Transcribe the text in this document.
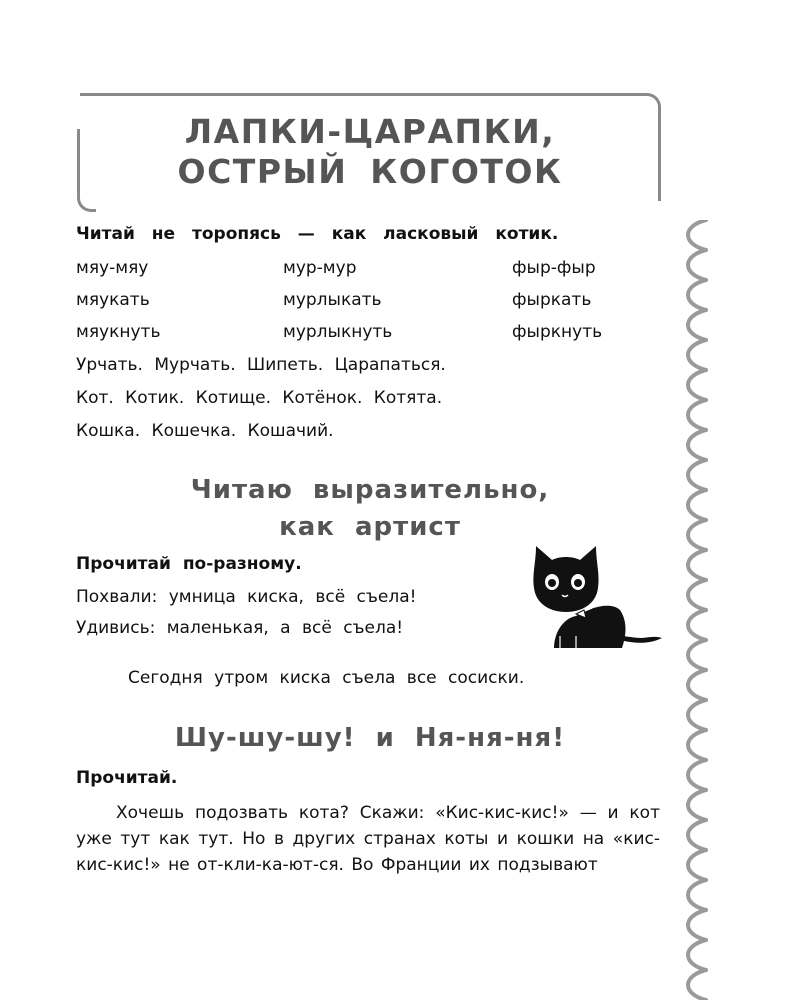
ЛАПКИ-ЦАРАПКИ,
ОСТРЫЙ КОГОТОК

Читай не торопясь — как ласковый котик.

мяу-мяу	мур-мур	фыр-фыр
мяукать	мурлыкать	фыркать
мяукнуть	мурлыкнуть	фыркнуть

Урчать. Мурчать. Шипеть. Царапаться.

Кот. Котик. Котище. Котёнок. Котята.

Кошка. Кошечка. Кошачий.

Читаю выразительно,
как артист

Прочитай по-разному.

Похвали: умница киска, всё съела!

Удивись: маленькая, а всё съела!

Сегодня утром киска съела все сосиски.

Шу-шу-шу! и Ня-ня-ня!

Прочитай.

Хочешь подозвать кота? Скажи: «Кис-кис-кис!» — и кот уже тут как тут. Но в других странах коты и кошки на «кис-кис-кис!» не от-кли-ка-ют-ся. Во Франции их подзывают
